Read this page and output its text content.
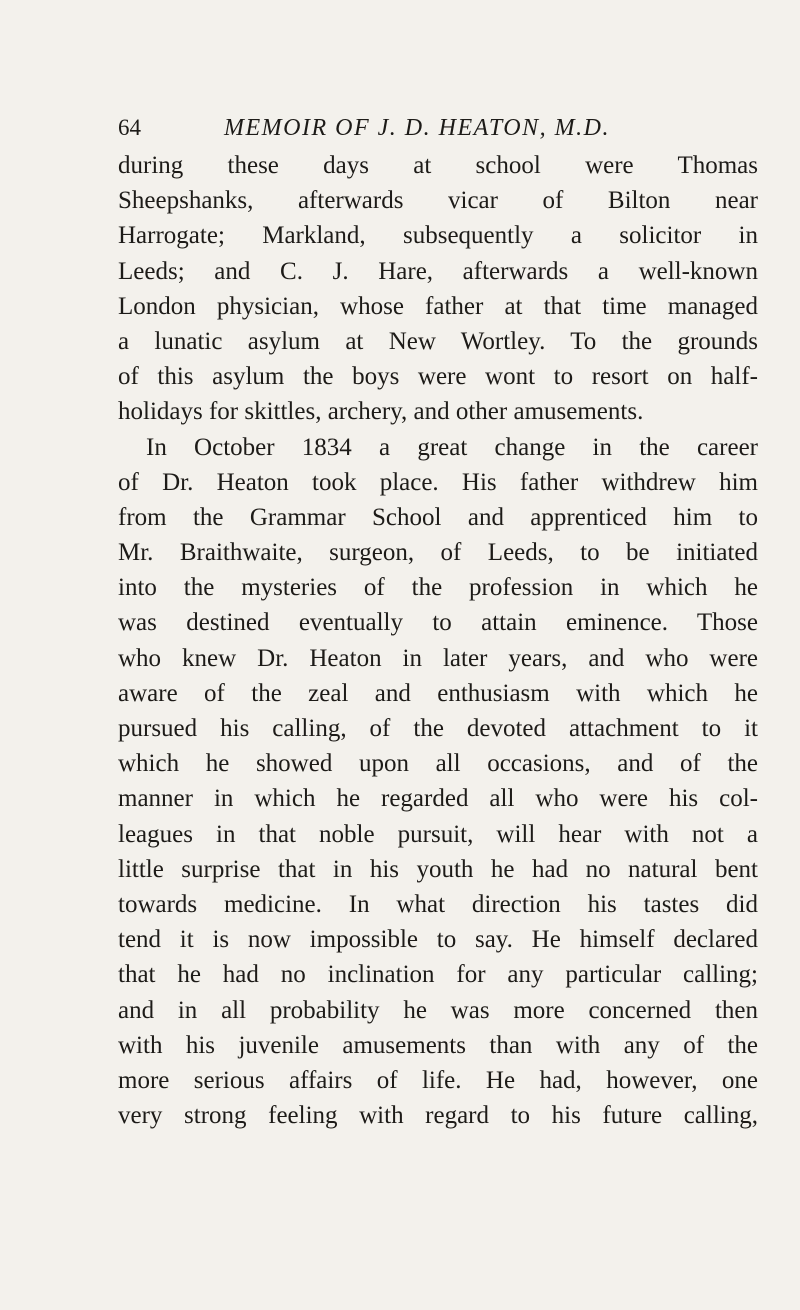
64	MEMOIR OF J. D. HEATON, M.D.
during these days at school were Thomas
Sheepshanks, afterwards vicar of Bilton near
Harrogate; Markland, subsequently a solicitor in
Leeds; and C. J. Hare, afterwards a well-known
London physician, whose father at that time managed
a lunatic asylum at New Wortley. To the grounds
of this asylum the boys were wont to resort on half-
holidays for skittles, archery, and other amusements.
In October 1834 a great change in the career
of Dr. Heaton took place. His father withdrew him
from the Grammar School and apprenticed him to
Mr. Braithwaite, surgeon, of Leeds, to be initiated
into the mysteries of the profession in which he
was destined eventually to attain eminence. Those
who knew Dr. Heaton in later years, and who were
aware of the zeal and enthusiasm with which he
pursued his calling, of the devoted attachment to it
which he showed upon all occasions, and of the
manner in which he regarded all who were his col-
leagues in that noble pursuit, will hear with not a
little surprise that in his youth he had no natural bent
towards medicine. In what direction his tastes did
tend it is now impossible to say. He himself declared
that he had no inclination for any particular calling;
and in all probability he was more concerned then
with his juvenile amusements than with any of the
more serious affairs of life. He had, however, one
very strong feeling with regard to his future calling,
